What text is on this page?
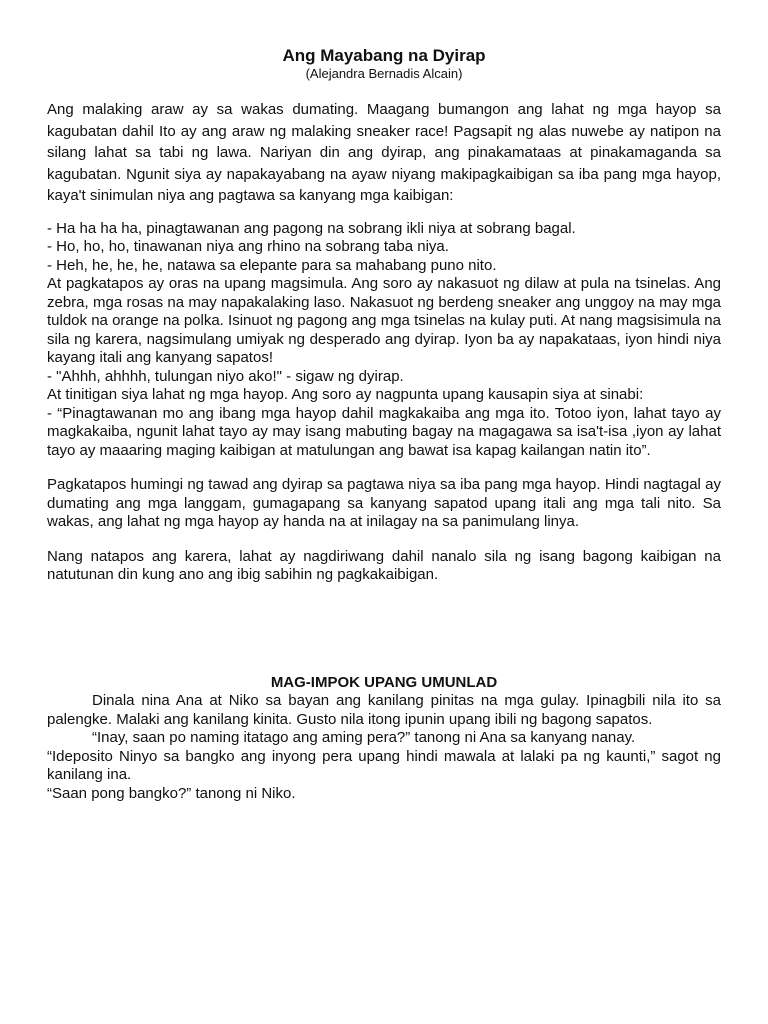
Ang Mayabang na Dyirap
(Alejandra Bernadis Alcain)

Ang malaking araw ay sa wakas dumating. Maagang bumangon ang lahat ng mga hayop sa kagubatan dahil Ito ay ang araw ng malaking sneaker race! Pagsapit ng alas nuwebe ay natipon na silang lahat sa tabi ng lawa. Nariyan din ang dyirap, ang pinakamataas at pinakamaganda sa kagubatan. Ngunit siya ay napakayabang na ayaw niyang makipagkaibigan sa iba pang mga hayop, kaya't sinimulan niya ang pagtawa sa kanyang mga kaibigan:

- Ha ha ha ha, pinagtawanan ang pagong na sobrang ikli niya at sobrang bagal.

- Ho, ho, ho, tinawanan niya ang rhino na sobrang taba niya.

- Heh, he, he, he, natawa sa elepante para sa mahabang puno nito.

At pagkatapos ay oras na upang magsimula. Ang soro ay nakasuot ng dilaw at pula na tsinelas. Ang zebra, mga rosas na may napakalaking laso. Nakasuot ng berdeng sneaker ang unggoy na may mga tuldok na orange na polka. Isinuot ng pagong ang mga tsinelas na kulay puti. At nang magsisimula na sila ng karera, nagsimulang umiyak ng desperado ang dyirap. Iyon ba ay napakataas, iyon hindi niya kayang itali ang kanyang sapatos!

- "Ahhh, ahhhh, tulungan niyo ako!" - sigaw ng dyirap.

At tinitigan siya lahat ng mga hayop. Ang soro ay nagpunta upang kausapin siya at sinabi:

- “Pinagtawanan mo ang ibang mga hayop dahil magkakaiba ang mga ito. Totoo iyon, lahat tayo ay magkakaiba, ngunit lahat tayo ay may isang mabuting bagay na magagawa sa isa't-isa ,iyon ay lahat tayo ay maaaring maging kaibigan at matulungan ang bawat isa kapag kailangan natin ito”.

Pagkatapos humingi ng tawad ang dyirap sa pagtawa niya sa iba pang mga hayop. Hindi nagtagal ay dumating ang mga langgam, gumagapang sa kanyang sapatod upang itali ang mga tali nito. Sa wakas, ang lahat ng mga hayop ay handa na at inilagay na sa panimulang linya.

Nang natapos ang karera, lahat ay nagdiriwang dahil nanalo sila ng isang bagong kaibigan na natutunan din kung ano ang ibig sabihin ng pagkakaibigan.

MAG-IMPOK UPANG UMUNLAD

Dinala nina Ana at Niko sa bayan ang kanilang pinitas na mga gulay. Ipinagbili nila ito sa palengke. Malaki ang kanilang kinita. Gusto nila itong ipunin upang ibili ng bagong sapatos.

“Inay, saan po naming itatago ang aming pera?” tanong ni Ana sa kanyang nanay.

“Ideposito Ninyo sa bangko ang inyong pera upang hindi mawala at lalaki pa ng kaunti,” sagot ng kanilang ina.

“Saan pong bangko?” tanong ni Niko.
